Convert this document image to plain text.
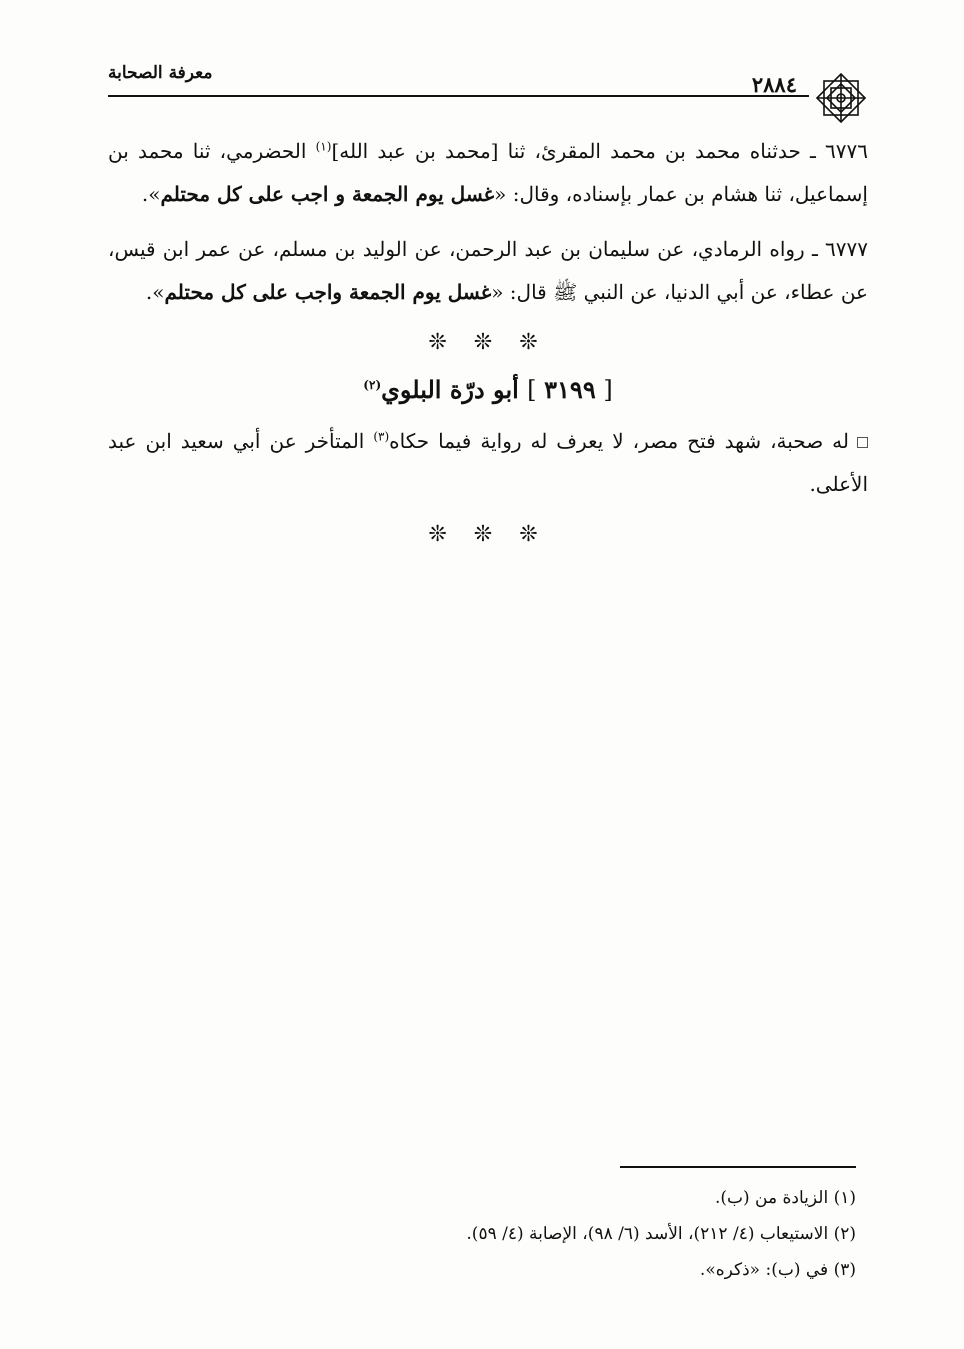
معرفة الصحابة	٢٨٨٤

٦٧٧٦ ـ حدثناه محمد بن محمد المقرئ، ثنا [محمد بن عبد الله]$^{(١)}$ الحضرمي، ثنا محمد بن إسماعيل، ثنا هشام بن عمار بإسناده، وقال: «غسل يوم الجمعة و اجب على كل محتلم».

٦٧٧٧ ـ رواه الرمادي، عن سليمان بن عبد الرحمن، عن الوليد بن مسلم، عن عمر ابن قيس، عن عطاء، عن أبي الدنيا، عن النبي ﷺ قال: «غسل يوم الجمعة واجب على كل محتلم».

❊ ❊ ❊
[ ٣١٩٩ ] أبو درّة البلوي$^{(٢)}$

له صحبة، شهد فتح مصر، لا يعرف له رواية فيما حكاه$^{(٣)}$ المتأخر عن أبي سعيد ابن عبد الأعلى.

❊ ❊ ❊

(١) الزيادة من (ب).

(٢) الاستيعاب (٤/ ٢١٢)، الأسد (٦/ ٩٨)، الإصابة (٤/ ٥٩).

(٣) في (ب): «ذكره».
